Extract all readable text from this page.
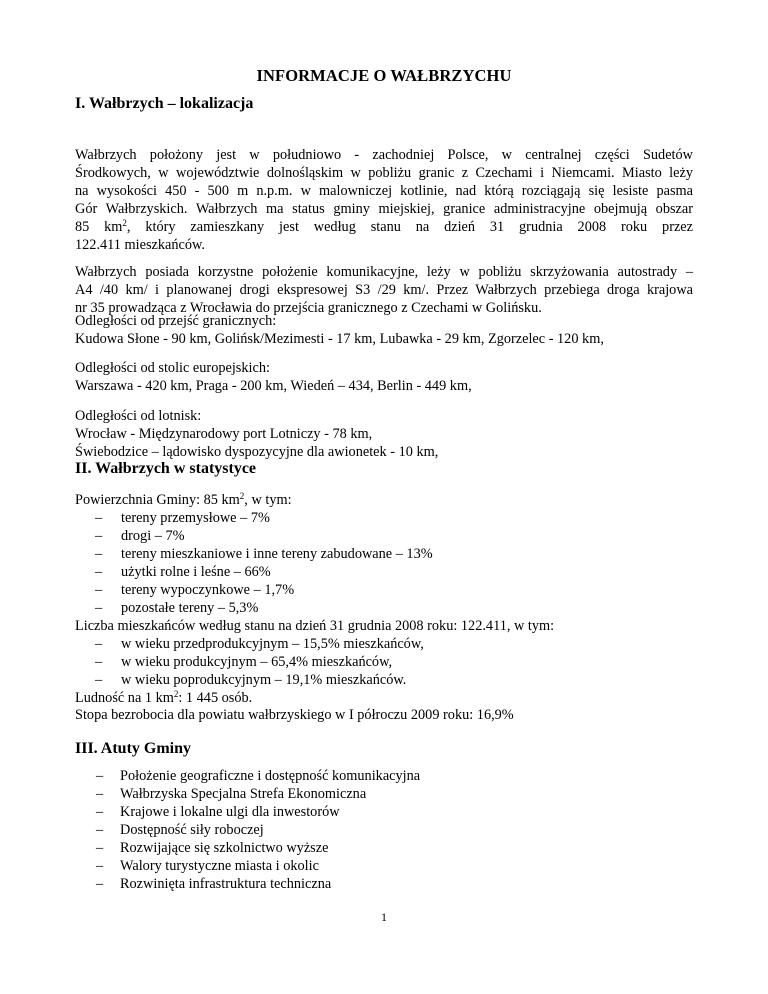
INFORMACJE O WAŁBRZYCHU
I. Wałbrzych – lokalizacja
Wałbrzych położony jest w południowo - zachodniej Polsce, w centralnej części Sudetów
Środkowych, w województwie dolnośląskim w pobliżu granic z Czechami i Niemcami. Miasto leży
na wysokości 450 - 500 m n.p.m. w malowniczej kotlinie, nad którą rozciągają się lesiste pasma
Gór Wałbrzyskich. Wałbrzych ma status gminy miejskiej, granice administracyjne obejmują obszar
85 $km^2$, który zamieszkany jest według stanu na dzień 31 grudnia 2008 roku przez
122.411 mieszkańców.
Wałbrzych posiada korzystne położenie komunikacyjne, leży w pobliżu skrzyżowania autostrady –
A4 /40 km/ i planowanej drogi ekspresowej S3 /29 km/. Przez Wałbrzych przebiega droga krajowa
nr 35 prowadząca z Wrocławia do przejścia granicznego z Czechami w Golińsku.
Odległości od przejść granicznych:
Kudowa Słone - 90 km, Golińsk/Mezimesti - 17 km, Lubawka - 29 km, Zgorzelec - 120 km,
Odległości od stolic europejskich:
Warszawa - 420 km, Praga - 200 km, Wiedeń – 434, Berlin - 449 km,
Odległości od lotnisk:
Wrocław - Międzynarodowy port Lotniczy - 78 km,
Świebodzice – lądowisko dyspozycyjne dla awionetek - 10 km,
II. Wałbrzych w statystyce
Powierzchnia Gminy: 85 $km^2$, w tym:
– tereny przemysłowe – 7%
– drogi – 7%
– tereny mieszkaniowe i inne tereny zabudowane – 13%
– użytki rolne i leśne – 66%
– tereny wypoczynkowe – 1,7%
– pozostałe tereny – 5,3%
Liczba mieszkańców według stanu na dzień 31 grudnia 2008 roku: 122.411, w tym:
– w wieku przedprodukcyjnym – 15,5% mieszkańców,
– w wieku produkcyjnym – 65,4% mieszkańców,
– w wieku poprodukcyjnym – 19,1% mieszkańców.
Ludność na 1 $km^2$: 1 445 osób.
Stopa bezrobocia dla powiatu wałbrzyskiego w I półroczu 2009 roku: 16,9%
III. Atuty Gminy
– Położenie geograficzne i dostępność komunikacyjna
– Wałbrzyska Specjalna Strefa Ekonomiczna
– Krajowe i lokalne ulgi dla inwestorów
– Dostępność siły roboczej
– Rozwijające się szkolnictwo wyższe
– Walory turystyczne miasta i okolic
– Rozwinięta infrastruktura techniczna
1
